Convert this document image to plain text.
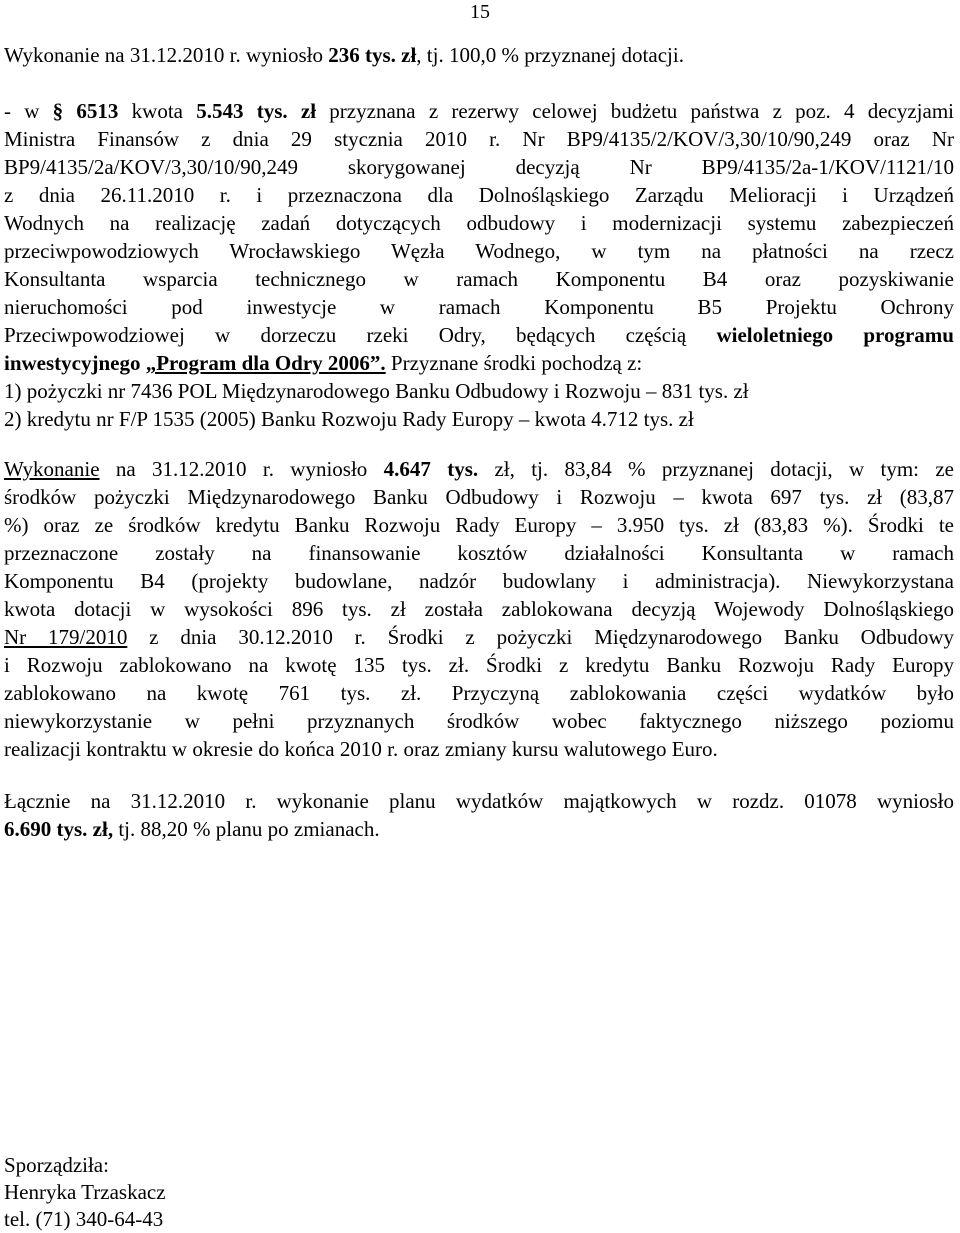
15
Wykonanie na 31.12.2010 r. wyniosło 236 tys. zł, tj. 100,0 % przyznanej dotacji.
- w § 6513 kwota 5.543 tys. zł przyznana z rezerwy celowej budżetu państwa z poz. 4 decyzjami
Ministra Finansów z dnia 29 stycznia 2010 r. Nr BP9/4135/2/KOV/3,30/10/90,249 oraz Nr
BP9/4135/2a/KOV/3,30/10/90,249 skorygowanej decyzją Nr BP9/4135/2a-1/KOV/1121/10
z dnia 26.11.2010 r. i przeznaczona dla Dolnośląskiego Zarządu Melioracji i Urządzeń
Wodnych na realizację zadań dotyczących odbudowy i modernizacji systemu zabezpieczeń
przeciwpowodziowych Wrocławskiego Węzła Wodnego, w tym na płatności na rzecz
Konsultanta wsparcia technicznego w ramach Komponentu B4 oraz pozyskiwanie
nieruchomości pod inwestycje w ramach Komponentu B5 Projektu Ochrony
Przeciwpowodziowej w dorzeczu rzeki Odry, będących częścią wieloletniego programu
inwestycyjnego „Program dla Odry 2006”. Przyznane środki pochodzą z:
1) pożyczki nr 7436 POL Międzynarodowego Banku Odbudowy i Rozwoju – 831 tys. zł
2) kredytu nr F/P 1535 (2005) Banku Rozwoju Rady Europy – kwota 4.712 tys. zł
Wykonanie na 31.12.2010 r. wyniosło 4.647 tys. zł, tj. 83,84 % przyznanej dotacji, w tym: ze
środków pożyczki Międzynarodowego Banku Odbudowy i Rozwoju – kwota 697 tys. zł (83,87
%) oraz ze środków kredytu Banku Rozwoju Rady Europy – 3.950 tys. zł (83,83 %). Środki te
przeznaczone zostały na finansowanie kosztów działalności Konsultanta w ramach
Komponentu B4 (projekty budowlane, nadzór budowlany i administracja). Niewykorzystana
kwota dotacji w wysokości 896 tys. zł została zablokowana decyzją Wojewody Dolnośląskiego
Nr 179/2010 z dnia 30.12.2010 r. Środki z pożyczki Międzynarodowego Banku Odbudowy
i Rozwoju zablokowano na kwotę 135 tys. zł. Środki z kredytu Banku Rozwoju Rady Europy
zablokowano na kwotę 761 tys. zł. Przyczyną zablokowania części wydatków było
niewykorzystanie w pełni przyznanych środków wobec faktycznego niższego poziomu
realizacji kontraktu w okresie do końca 2010 r. oraz zmiany kursu walutowego Euro.
Łącznie na 31.12.2010 r. wykonanie planu wydatków majątkowych w rozdz. 01078 wyniosło
6.690 tys. zł, tj. 88,20 % planu po zmianach.
Sporządziła:
Henryka Trzaskacz
tel. (71) 340-64-43
